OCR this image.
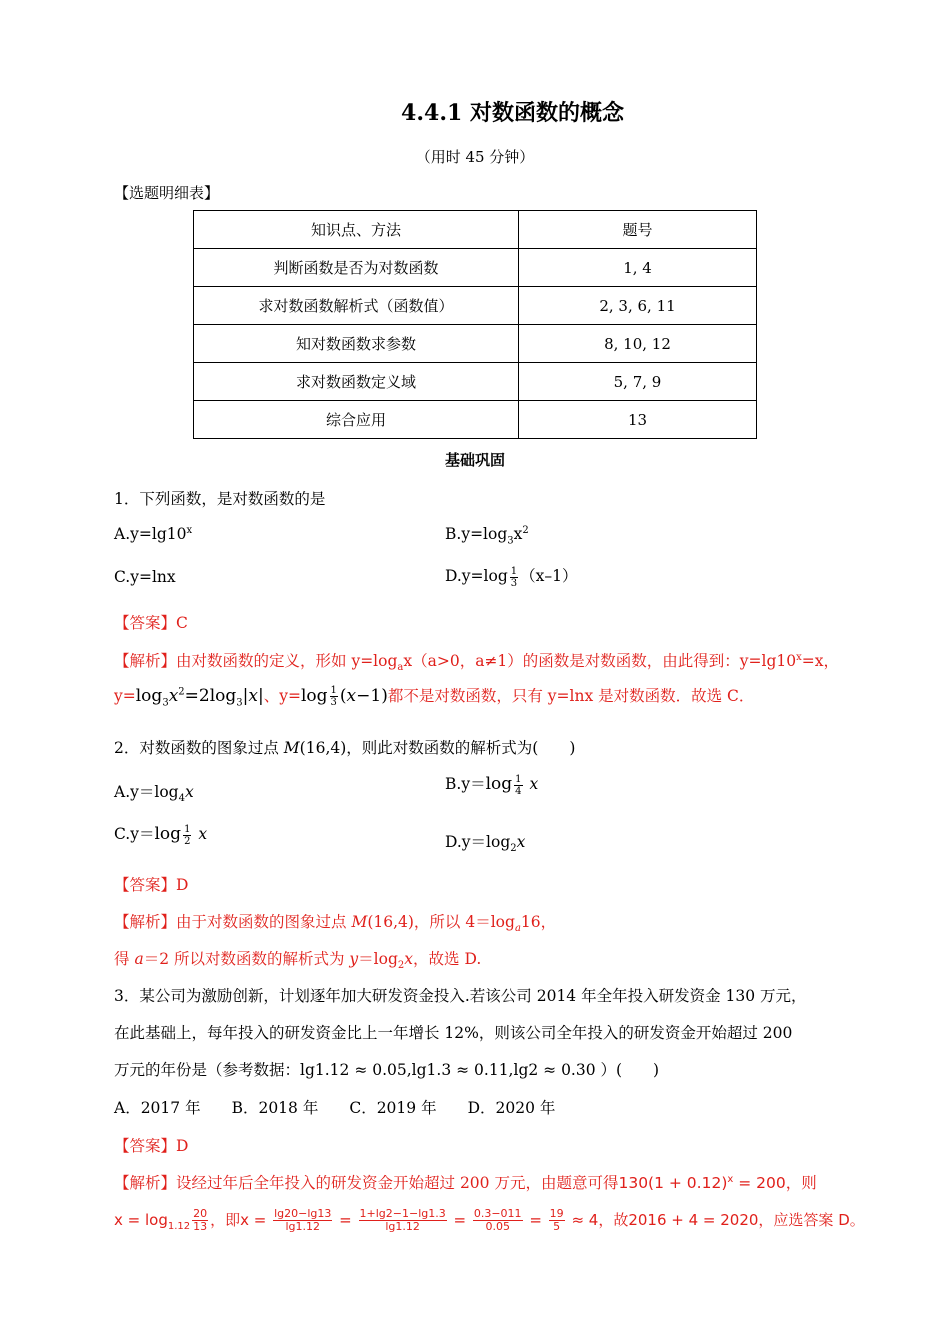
4.4.1 对数函数的概念
（用时 45 分钟）
【选题明细表】
知识点、方法	题号
判断函数是否为对数函数	1, 4
求对数函数解析式（函数值）	2, 3, 6, 11
知对数函数求参数	8, 10, 12
求对数函数定义域	5, 7, 9
综合应用	13
基础巩固
1．下列函数，是对数函数的是
$A.y=\lg 10^x$	$B.y=\log_3x^2$
C.y=lnx	$D.y=\log \frac{1}{3} (x-1)$
【答案】C
【解析】由对数函数的定义，形如 $y=\log_ax(a>0$，a≠1）的函数是对数函数，由此得到：$y=\lg 10^x=x$，
$y=\log_3x^2=2\log_3|x|$、$y=\log \frac{1}{3} (x-1)$都不是对数函数，只有 y=lnx 是对数函数．故选 C．
2．对数函数的图象过点 M(16,4)，则此对数函数的解析式为(　　)
$A.y=\log_4x$	$B.y=\log \frac{1}{4}$ x
$C.y=\log \frac{1}{2}$ x	$D.y=\log_2x$
【答案】D
【解析】由于对数函数的图象过点 M(16,4)，所以 $4=\log_a16$，
得 a＝2 所以对数函数的解析式为 $y=\log_2x$，故选 D.
3．某公司为激励创新，计划逐年加大研发资金投入.若该公司 2014 年全年投入研发资金 130 万元，
在此基础上，每年投入的研发资金比上一年增长 12%，则该公司全年投入的研发资金开始超过 200
万元的年份是（参考数据：lg1.12 ≈ 0.05,lg1.3 ≈ 0.11,lg2 ≈ 0.30 ）(　　)
A．2017 年　　B．2018 年　　C．2019 年　　D．2020 年
【答案】D
【解析】设经过年后全年投入的研发资金开始超过 200 万元，由题意可得$130(1 + 0.12)^x = 200$，则
$x = \log_{1.12} \frac{20}{13}$ ，即$x = \frac{\lg 20-\lg 13}{\lg 1.12} = \frac{1+\lg 2-1-\lg 1.3}{\lg 1.12} = \frac{0.3-011}{0.05} = \frac{19}{5} \approx 4$，故2016 + 4 = 2020，应选答案 D。
